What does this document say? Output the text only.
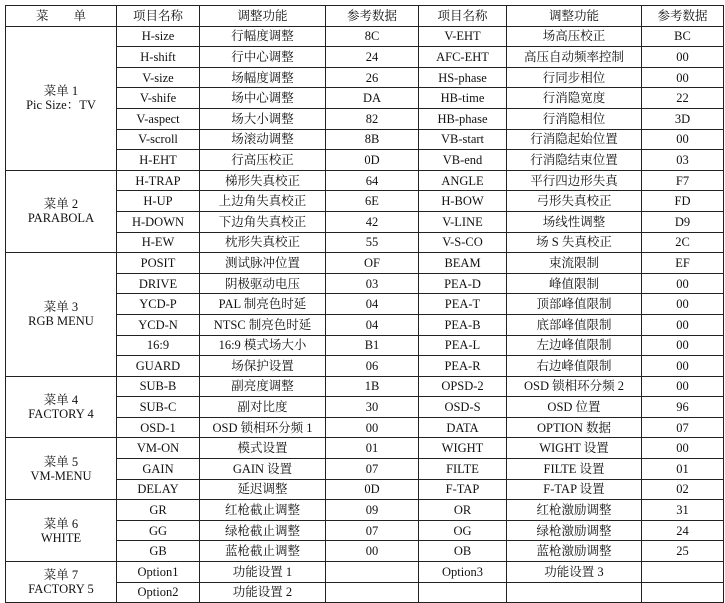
菜　　单	项目名称	调整功能	参考数据	项目名称	调整功能	参考数据

菜单 1
Pic Size：TV	H-size	行幅度调整	8C	V-EHT	场高压校正	BC
	H-shift	行中心调整	24	AFC-EHT	高压自动频率控制	00
	V-size	场幅度调整	26	HS-phase	行同步相位	00
	V-shife	场中心调整	DA	HB-time	行消隐宽度	22
	V-aspect	场大小调整	82	HB-phase	行消隐相位	3D
	V-scroll	场滚动调整	8B	VB-start	行消隐起始位置	00
	H-EHT	行高压校正	0D	VB-end	行消隐结束位置	03

菜单 2
PARABOLA	H-TRAP	梯形失真校正	64	ANGLE	平行四边形失真	F7
	H-UP	上边角失真校正	6E	H-BOW	弓形失真校正	FD
	H-DOWN	下边角失真校正	42	V-LINE	场线性调整	D9
	H-EW	枕形失真校正	55	V-S-CO	场 S 失真校正	2C

菜单 3
RGB MENU	POSIT	测试脉冲位置	OF	BEAM	束流限制	EF
	DRIVE	阴极驱动电压	03	PEA-D	峰值限制	00
	YCD-P	PAL 制亮色时延	04	PEA-T	顶部峰值限制	00
	YCD-N	NTSC 制亮色时延	04	PEA-B	底部峰值限制	00
	16:9	16:9 模式场大小	B1	PEA-L	左边峰值限制	00
	GUARD	场保护设置	06	PEA-R	右边峰值限制	00

菜单 4
FACTORY 4	SUB-B	副亮度调整	1B	OPSD-2	OSD 锁相环分频 2	00
	SUB-C	副对比度	30	OSD-S	OSD 位置	96
	OSD-1	OSD 锁相环分频 1	00	DATA	OPTION 数据	07

菜单 5
VM-MENU	VM-ON	模式设置	01	WIGHT	WIGHT 设置	00
	GAIN	GAIN 设置	07	FILTE	FILTE 设置	01
	DELAY	延迟调整	0D	F-TAP	F-TAP 设置	02

菜单 6
WHITE	GR	红枪截止调整	09	OR	红枪激励调整	31
	GG	绿枪截止调整	07	OG	绿枪激励调整	24
	GB	蓝枪截止调整	00	OB	蓝枪激励调整	25

菜单 7
FACTORY 5	Option1	功能设置 1		Option3	功能设置 3	
	Option2	功能设置 2				
